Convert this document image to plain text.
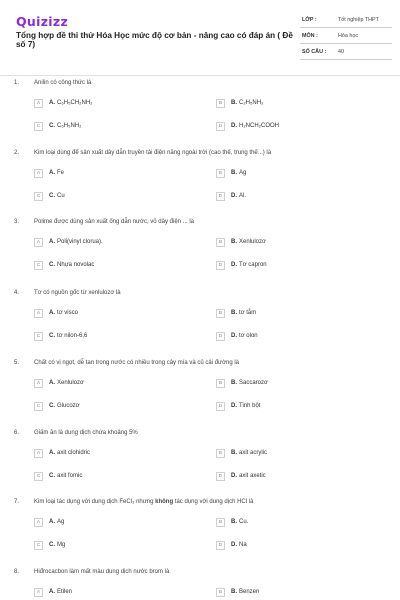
Quizizz
Tổng hợp đề thi thử Hóa Học mức độ cơ bản - nâng cao có đáp án ( Đề số 7)
LỚP :	Tốt nghiệp THPT
MÔN :	Hóa học
SỐ CÂU : 40
1. Anilin có công thức là
A	A. C₆H₅CH₂NH₂	B	B. C₂H₅NH₂
C	C. C₆H₅NH₂	D	D. H₂NCH₂COOH
2. Kim loại dùng để sản xuất dây dẫn truyền tải điện năng ngoài trời (cao thế, trung thế...) là
A	A. Fe	B	B. Ag
C	C. Cu	D	D. Al.
3. Polime được dùng sản xuất ống dẫn nước, vỏ dây điện ... là
A	A. Poli(vinyl clorua).	B	B. Xenlulozơ
C	C. Nhựa novolac	D	D. Tơ capron
4. Tơ có nguồn gốc từ xenlulozơ là
A	A. tơ visco	B	B. tơ tằm
C	C. tơ nilon-6,6	D	D. tơ olon
5. Chất có vị ngọt, dễ tan trong nước có nhiều trong cây mía và củ cải đường là
A	A. Xenlulozơ	B	B. Saccarozơ
C	C. Glucozơ	D	D. Tinh bột
6. Giấm ăn là dung dịch chứa khoảng 5%
A	A. axit clohidric	B	B. axit acrylic
C	C. axit fomic	D	D. axit axetic
7. Kim loại tác dụng với dung dịch FeCl₃ nhưng không tác dụng với dung dịch HCl là
A	A. Ag	B	B. Cu.
C	C. Mg	D	D. Na
8. Hiđrocacbon làm mất màu dung dịch nước brom là
A	A. Etilen	B	B. Benzen
